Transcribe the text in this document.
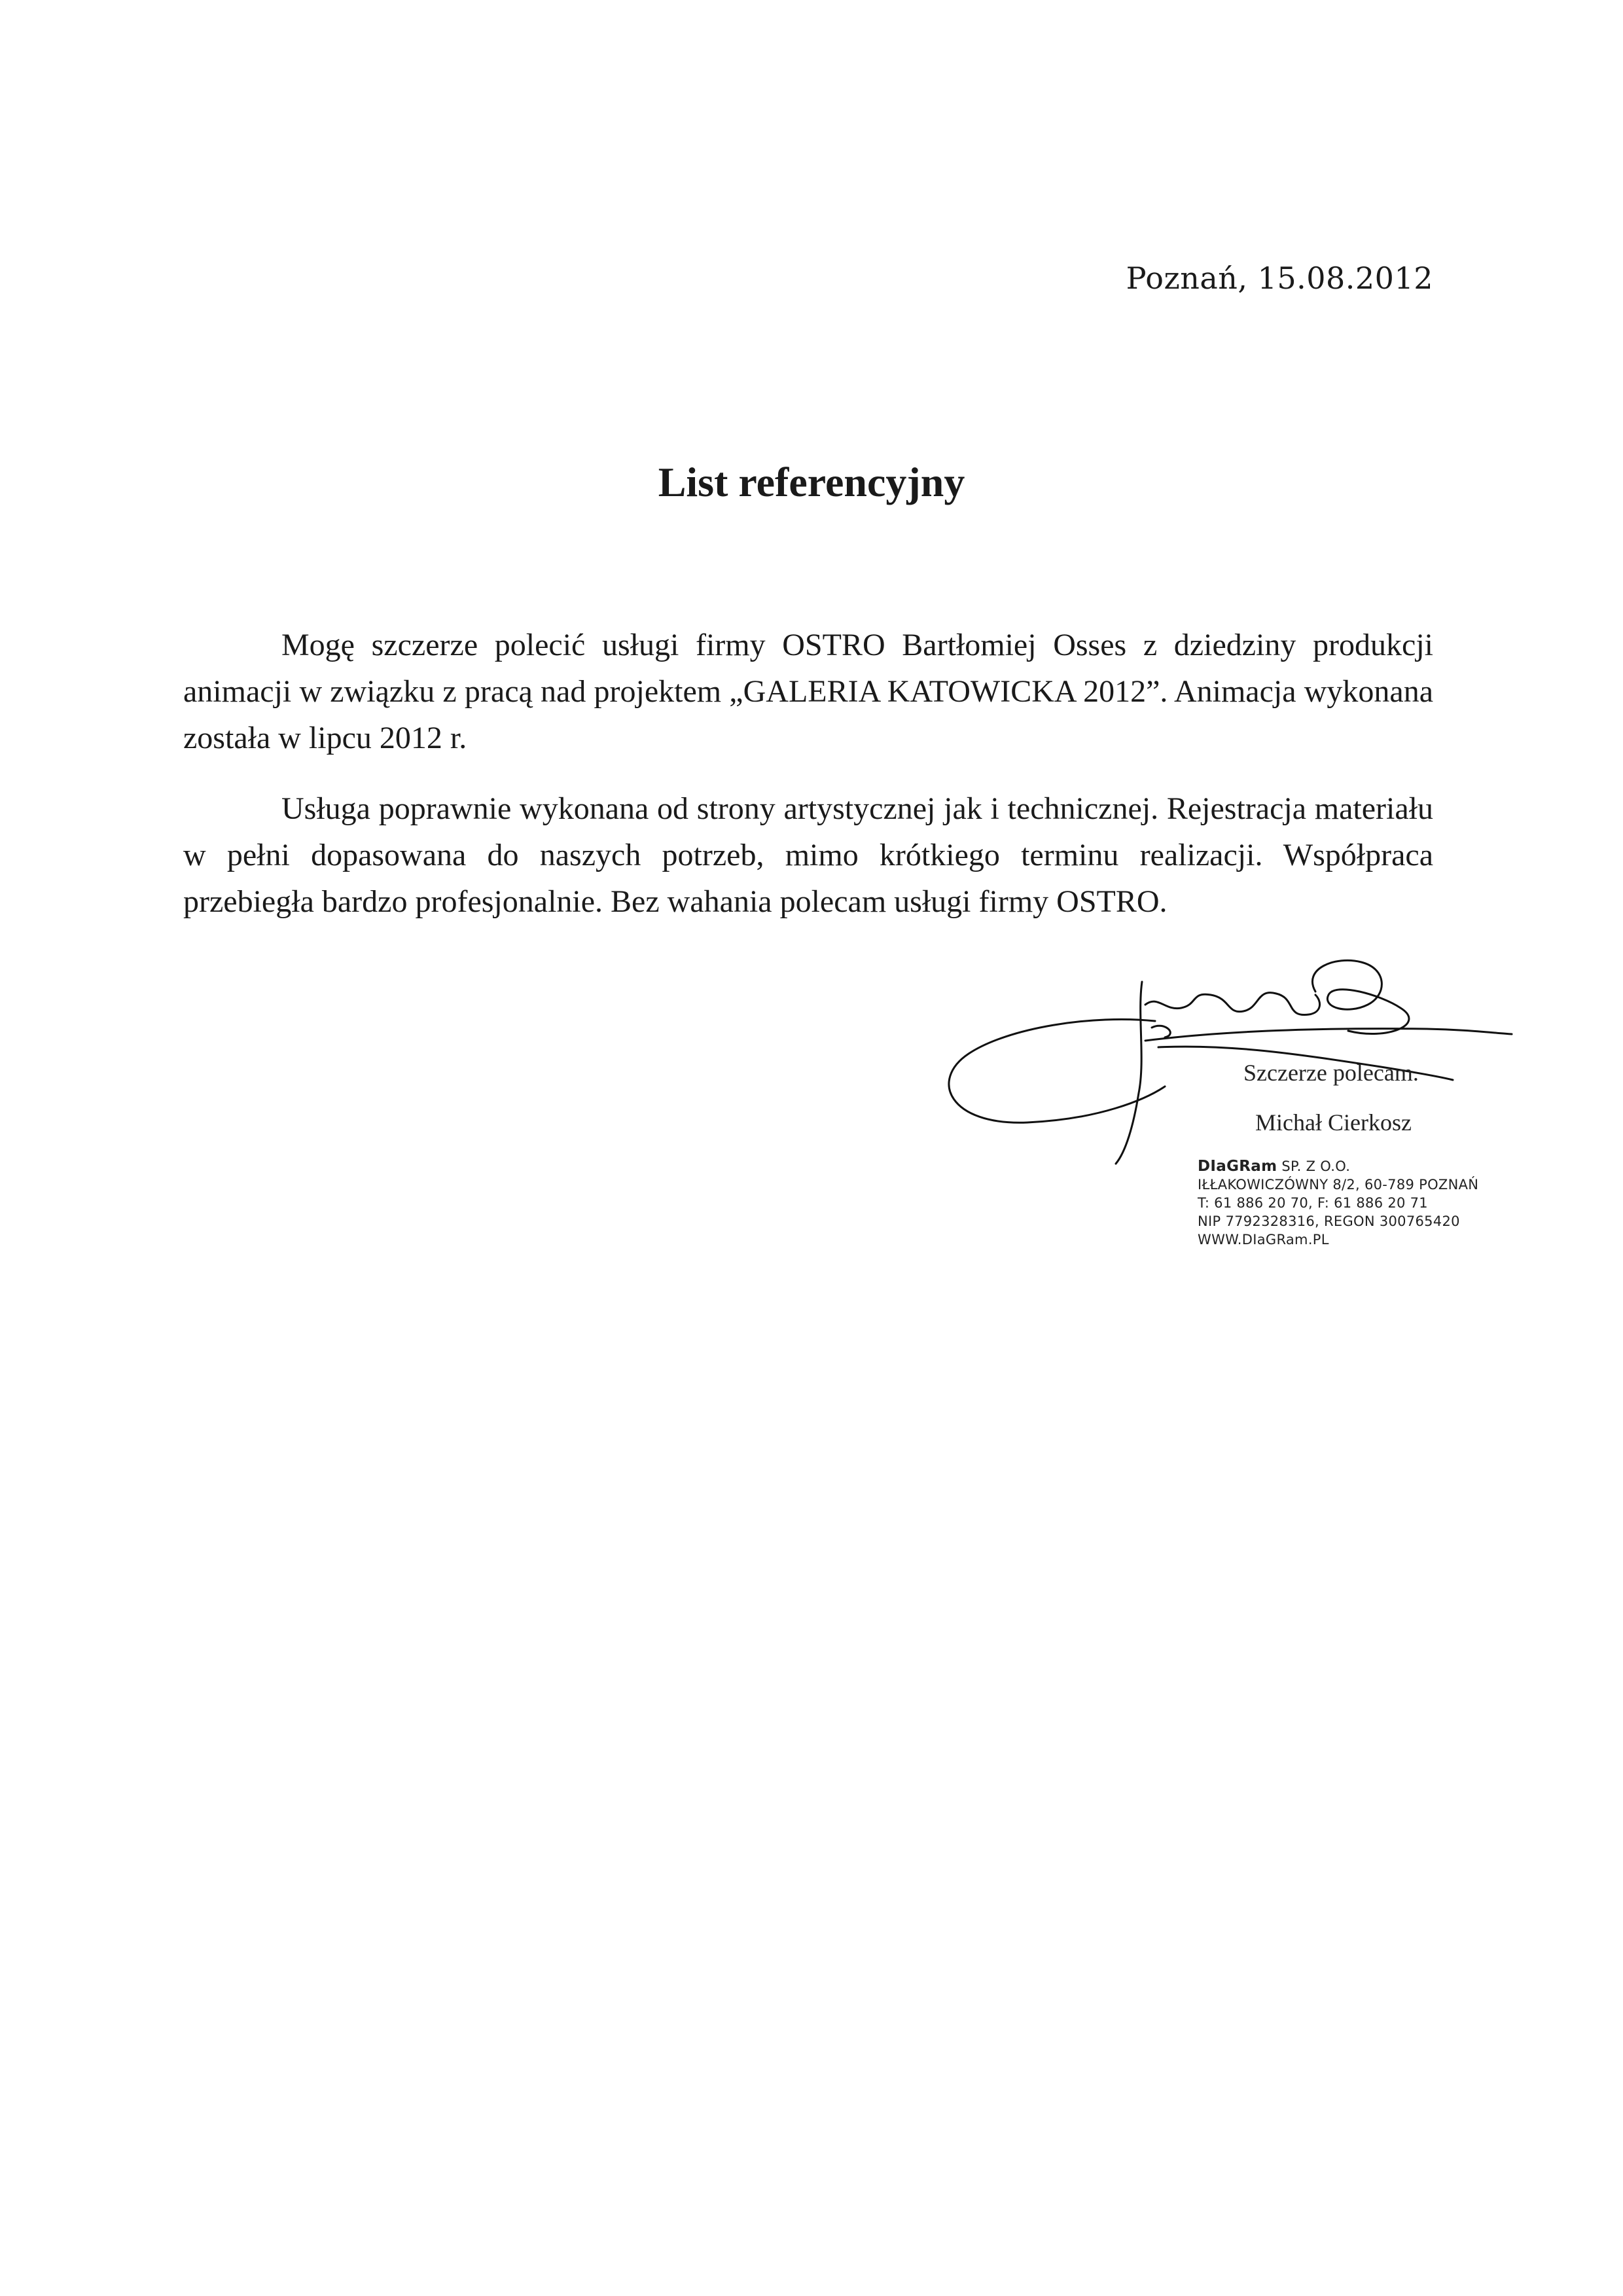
Poznań, 15.08.2012
List referencyjny
Mogę szczerze polecić usługi firmy OSTRO Bartłomiej Osses z dziedziny produkcji animacji w związku z pracą nad projektem „GALERIA KATOWICKA 2012”. Animacja wykonana została w lipcu 2012 r.
Usługa poprawnie wykonana od strony artystycznej jak i technicznej. Rejestracja materiału w pełni dopasowana do naszych potrzeb, mimo krótkiego terminu realizacji. Współpraca przebiegła bardzo profesjonalnie. Bez wahania polecam usługi firmy OSTRO.
Szczerze polecam.
Michał Cierkosz
DIaGRam SP. Z O.O.
IŁŁAKOWICZÓWNY 8/2, 60-789 POZNAŃ
T: 61 886 20 70, F: 61 886 20 71
NIP 7792328316, REGON 300765420
WWW.DIaGRam.PL
